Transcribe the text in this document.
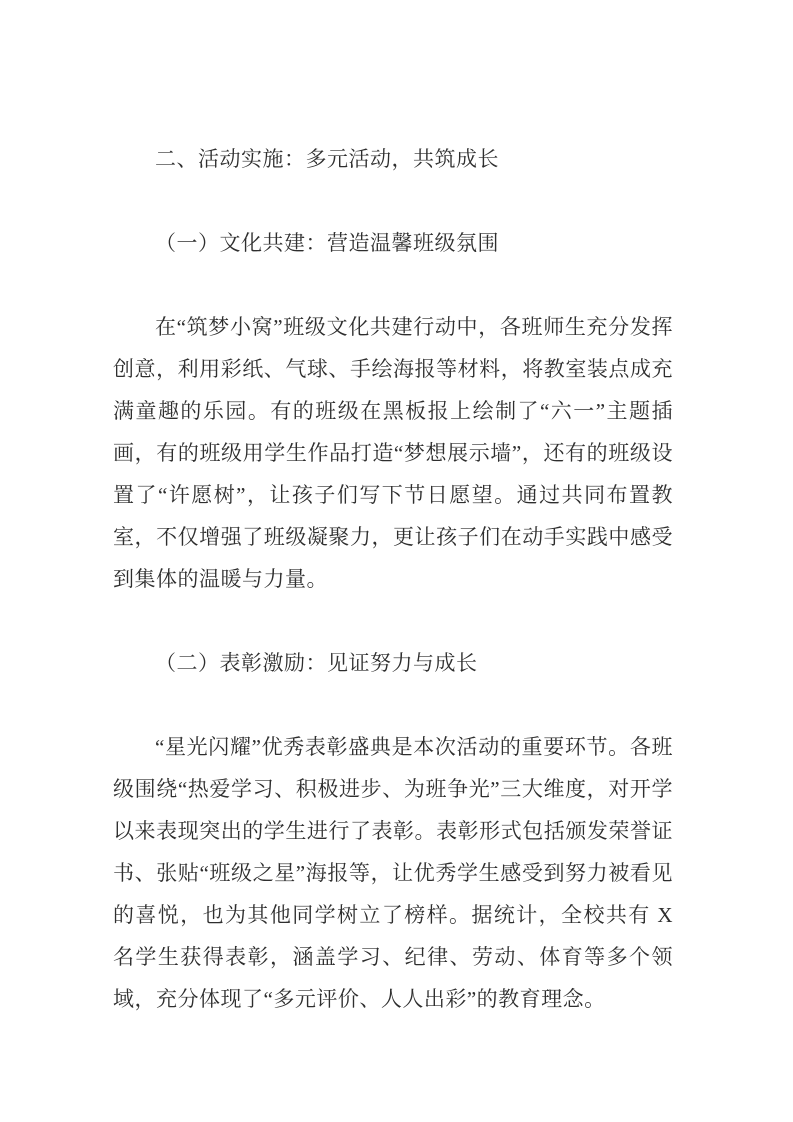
二、活动实施：多元活动，共筑成长
（一）文化共建：营造温馨班级氛围

在“筑梦小窝”班级文化共建行动中，各班师生充分发挥创意，利用彩纸、气球、手绘海报等材料，将教室装点成充满童趣的乐园。有的班级在黑板报上绘制了“六一”主题插画，有的班级用学生作品打造“梦想展示墙”，还有的班级设置了“许愿树”，让孩子们写下节日愿望。通过共同布置教室，不仅增强了班级凝聚力，更让孩子们在动手实践中感受到集体的温暖与力量。

（二）表彰激励：见证努力与成长

“星光闪耀”优秀表彰盛典是本次活动的重要环节。各班级围绕“热爱学习、积极进步、为班争光”三大维度，对开学以来表现突出的学生进行了表彰。表彰形式包括颁发荣誉证书、张贴“班级之星”海报等，让优秀学生感受到努力被看见的喜悦，也为其他同学树立了榜样。据统计，全校共有 X 名学生获得表彰，涵盖学习、纪律、劳动、体育等多个领域，充分体现了“多元评价、人人出彩”的教育理念。
